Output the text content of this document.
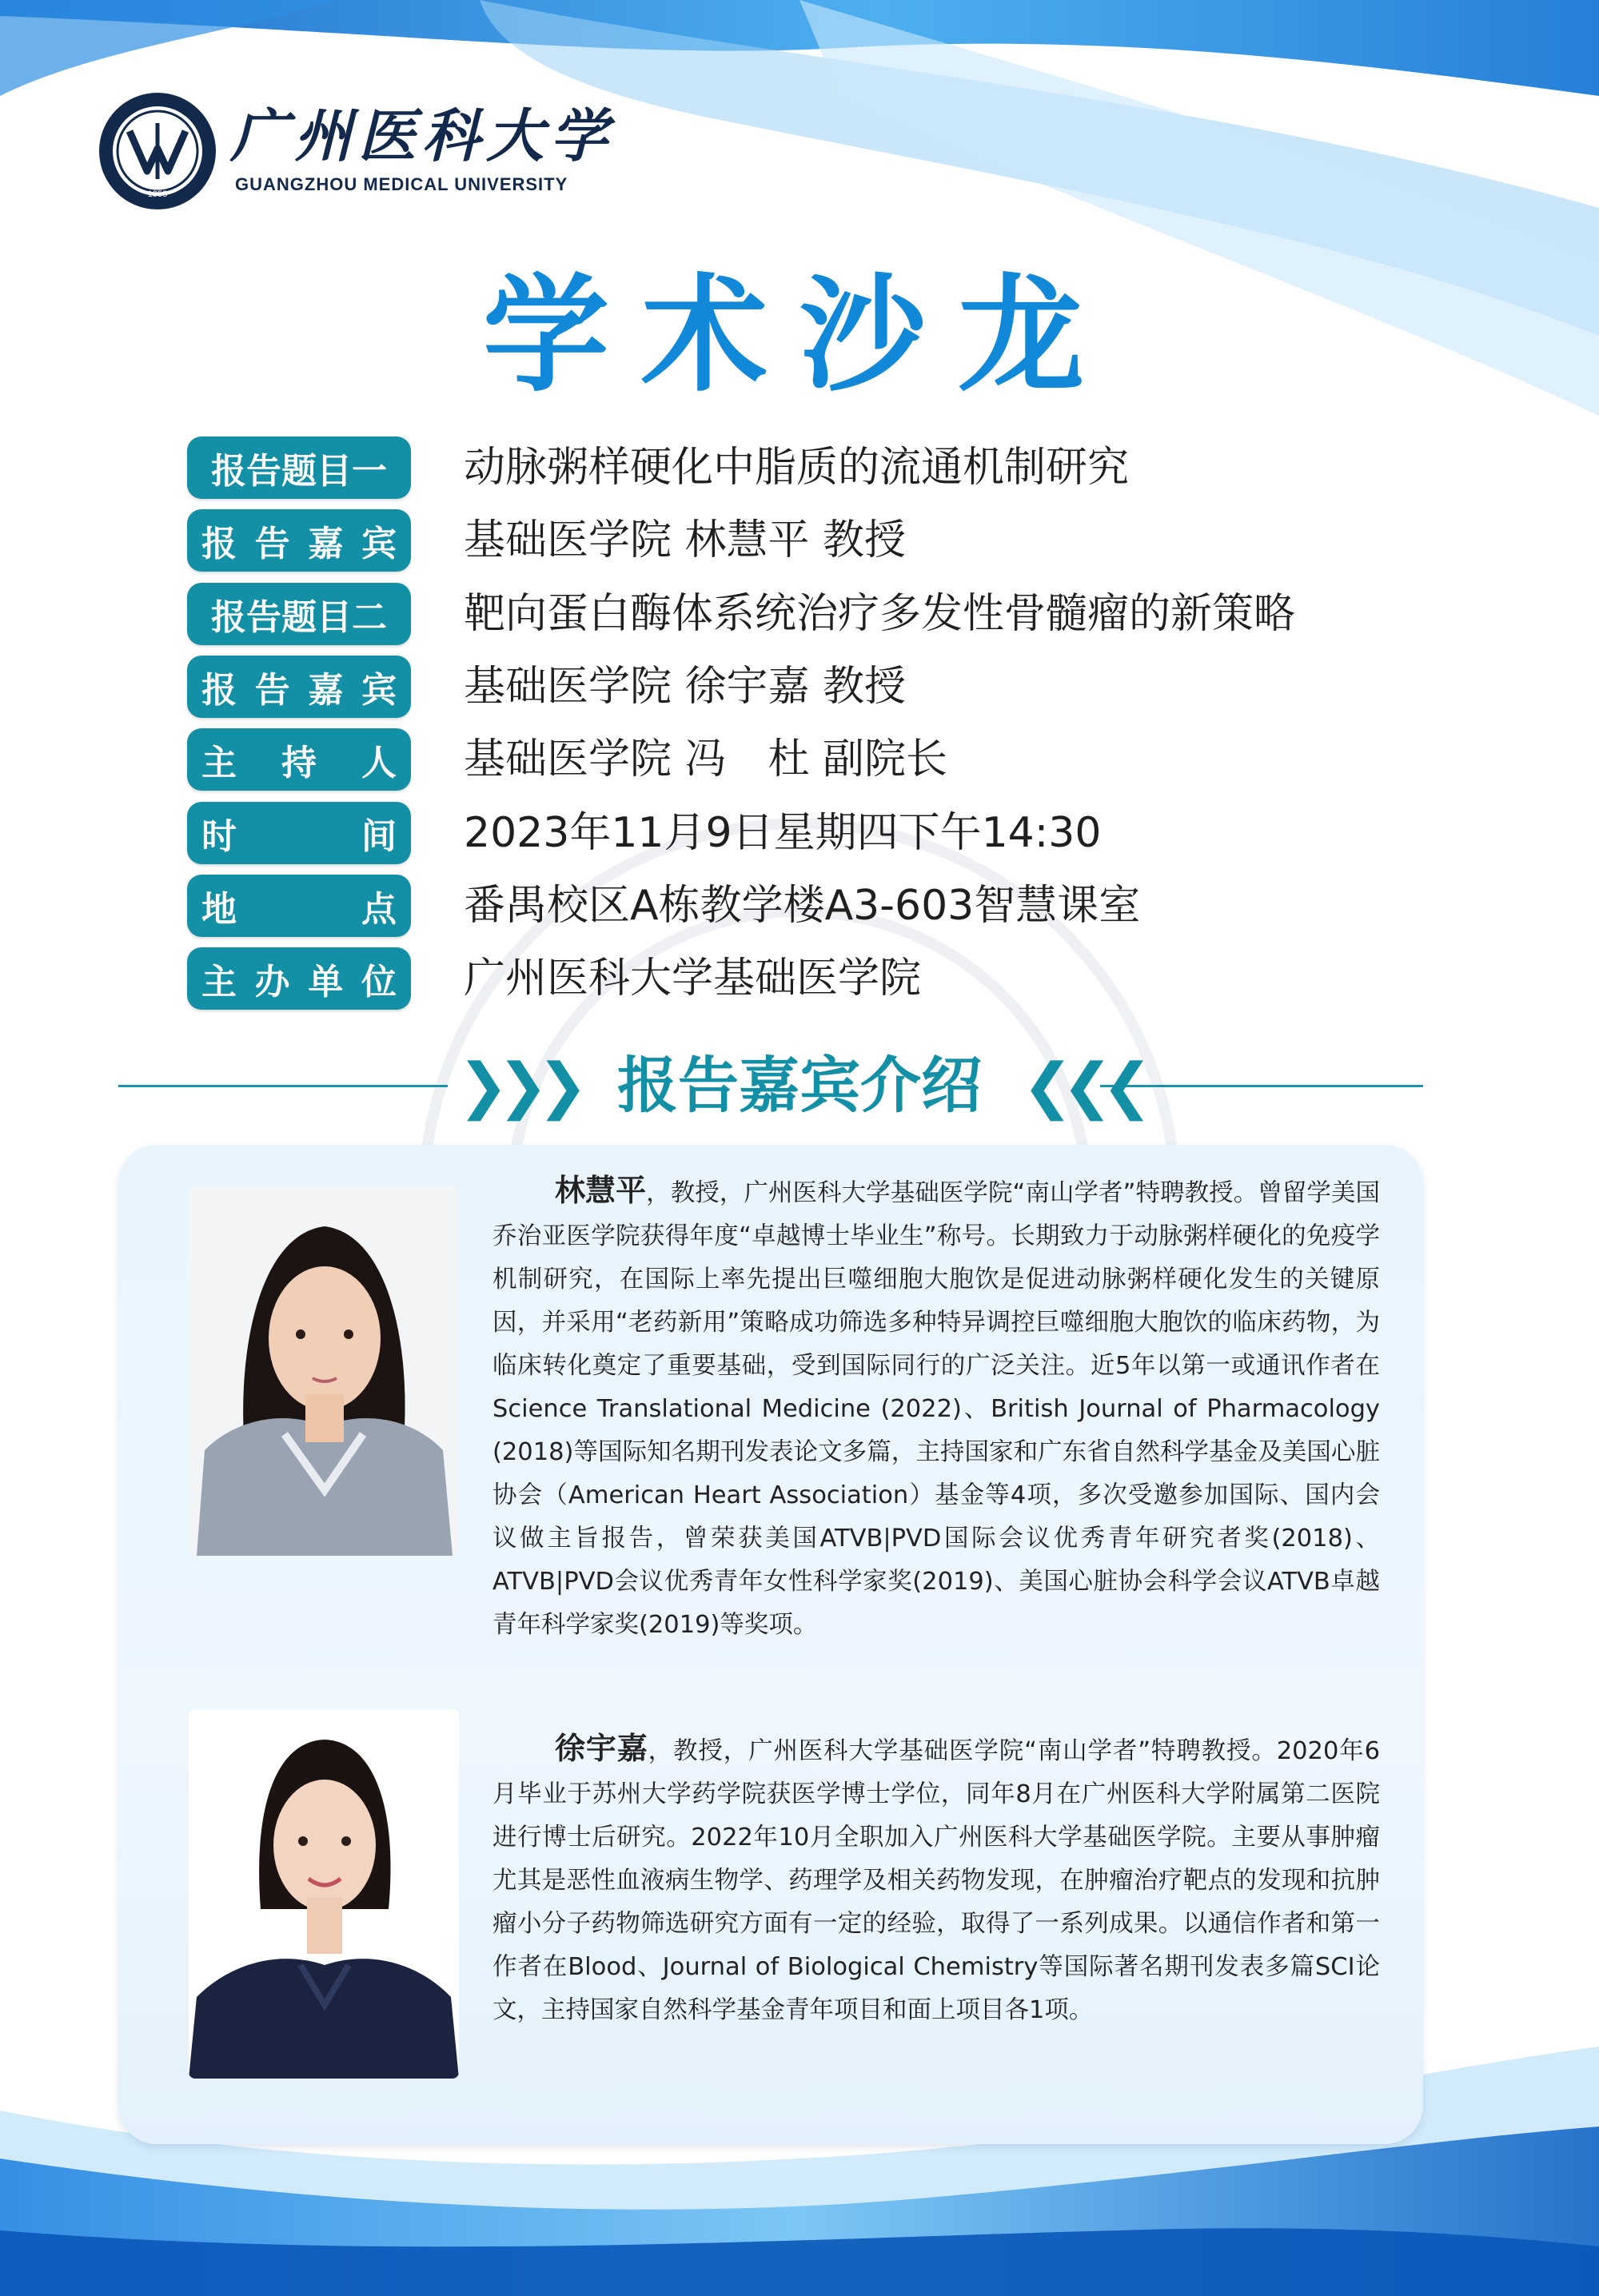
1958
广州医科大学
GUANGZHOU MEDICAL UNIVERSITY
学术沙龙
报告题目一 动脉粥样硬化中脂质的流通机制研究
报 告 嘉 宾 基础医学院 林慧平 教授
报告题目二 靶向蛋白酶体系统治疗多发性骨髓瘤的新策略
报 告 嘉 宾 基础医学院 徐宇嘉 教授
主 持 人 基础医学院 冯　杜 副院长
时	间 2023年11月9日星期四下午14:30
地	点 番禺校区A栋教学楼A3-603智慧课室
主 办 单 位 广州医科大学基础医学院
❯❯❯ 报告嘉宾介绍 ❮❮❮
林慧平，教授，广州医科大学基础医学院“南山学者”特聘教授。曾留学美国乔治亚医学院获得年度“卓越博士毕业生”称号。长期致力于动脉粥样硬化的免疫学机制研究，在国际上率先提出巨噬细胞大胞饮是促进动脉粥样硬化发生的关键原因，并采用“老药新用”策略成功筛选多种特异调控巨噬细胞大胞饮的临床药物，为临床转化奠定了重要基础，受到国际同行的广泛关注。近5年以第一或通讯作者在Science Translational Medicine (2022)、British Journal of Pharmacology (2018)等国际知名期刊发表论文多篇，主持国家和广东省自然科学基金及美国心脏协会（American Heart Association）基金等4项，多次受邀参加国际、国内会议做主旨报告，曾荣获美国ATVB|PVD国际会议优秀青年研究者奖(2018)、ATVB|PVD会议优秀青年女性科学家奖(2019)、美国心脏协会科学会议ATVB卓越青年科学家奖(2019)等奖项。
徐宇嘉，教授，广州医科大学基础医学院“南山学者”特聘教授。2020年6月毕业于苏州大学药学院获医学博士学位，同年8月在广州医科大学附属第二医院进行博士后研究。2022年10月全职加入广州医科大学基础医学院。主要从事肿瘤尤其是恶性血液病生物学、药理学及相关药物发现，在肿瘤治疗靶点的发现和抗肿瘤小分子药物筛选研究方面有一定的经验，取得了一系列成果。以通信作者和第一作者在Blood、Journal of Biological Chemistry等国际著名期刊发表多篇SCI论文，主持国家自然科学基金青年项目和面上项目各1项。
